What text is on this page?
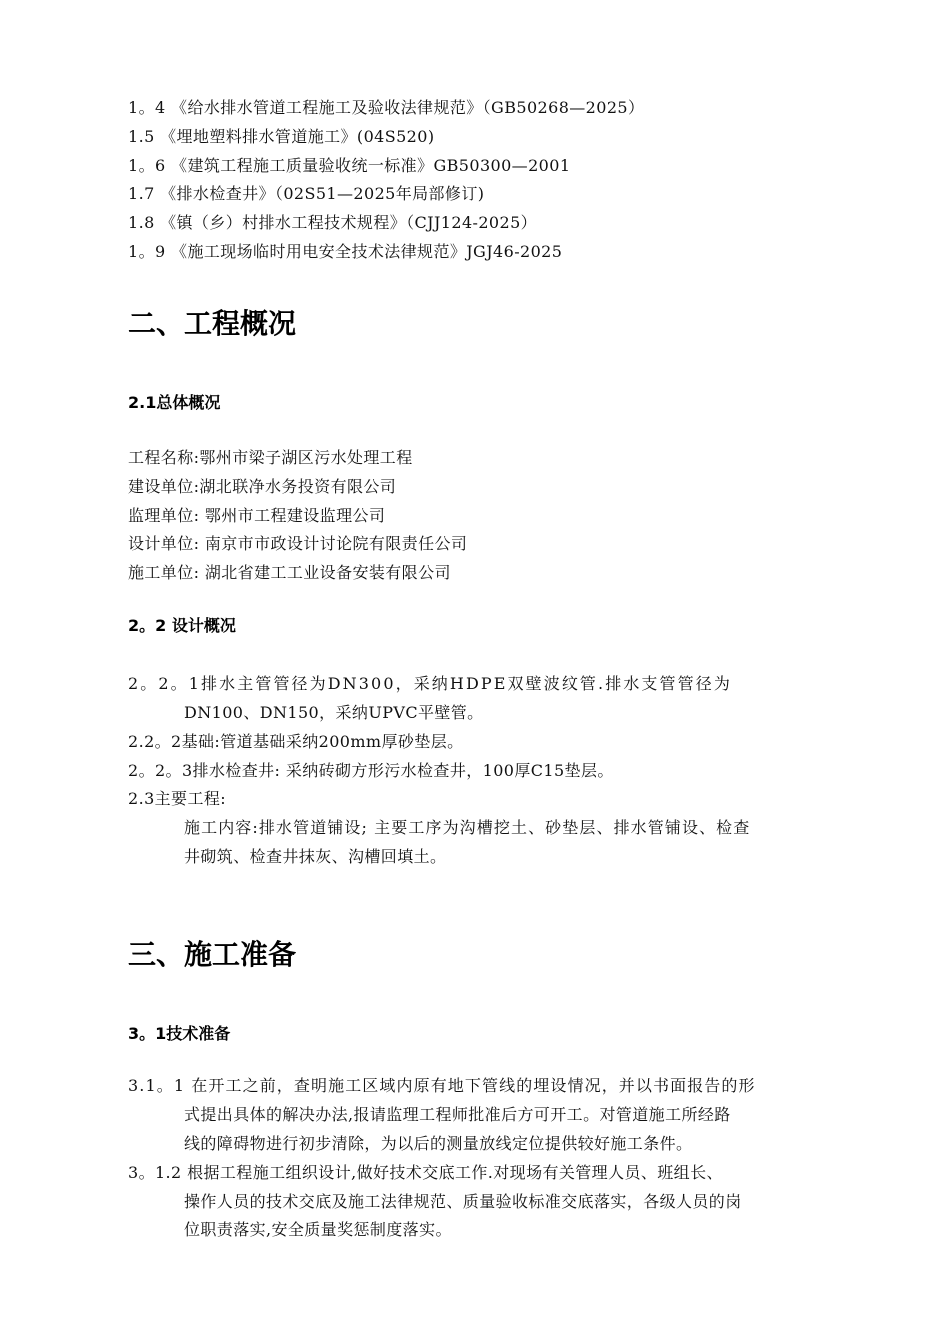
1。4 《给水排水管道工程施工及验收法律规范》（GB50268—2025）
1.5 《埋地塑料排水管道施工》(04S520)
1。6 《建筑工程施工质量验收统一标准》GB50300—2001
1.7 《排水检查井》（02S51—2025年局部修订)
1.8 《镇（乡）村排水工程技术规程》（CJJ124-2025）
1。9 《施工现场临时用电安全技术法律规范》JGJ46-2025
二、工程概况
2.1总体概况
工程名称:鄂州市梁子湖区污水处理工程
建设单位:湖北联净水务投资有限公司
监理单位: 鄂州市工程建设监理公司
设计单位: 南京市市政设计讨论院有限责任公司
施工单位: 湖北省建工工业设备安装有限公司
2。2 设计概况
2。2。1排水主管管径为DN300，采纳HDPE双壁波纹管.排水支管管径为
DN100、DN150，采纳UPVC平壁管。
2.2。2基础:管道基础采纳200mm厚砂垫层。
2。2。3排水检查井: 采纳砖砌方形污水检查井，100厚C15垫层。
2.3主要工程:
施工内容:排水管道铺设; 主要工序为沟槽挖土、砂垫层、排水管铺设、检查
井砌筑、检查井抹灰、沟槽回填土。
三、施工准备
3。1技术准备
3.1。1 在开工之前，查明施工区域内原有地下管线的埋设情况，并以书面报告的形
式提出具体的解决办法,报请监理工程师批准后方可开工。对管道施工所经路
线的障碍物进行初步清除，为以后的测量放线定位提供较好施工条件。
3。1.2 根据工程施工组织设计,做好技术交底工作.对现场有关管理人员、班组长、
操作人员的技术交底及施工法律规范、质量验收标准交底落实，各级人员的岗
位职责落实,安全质量奖惩制度落实。
